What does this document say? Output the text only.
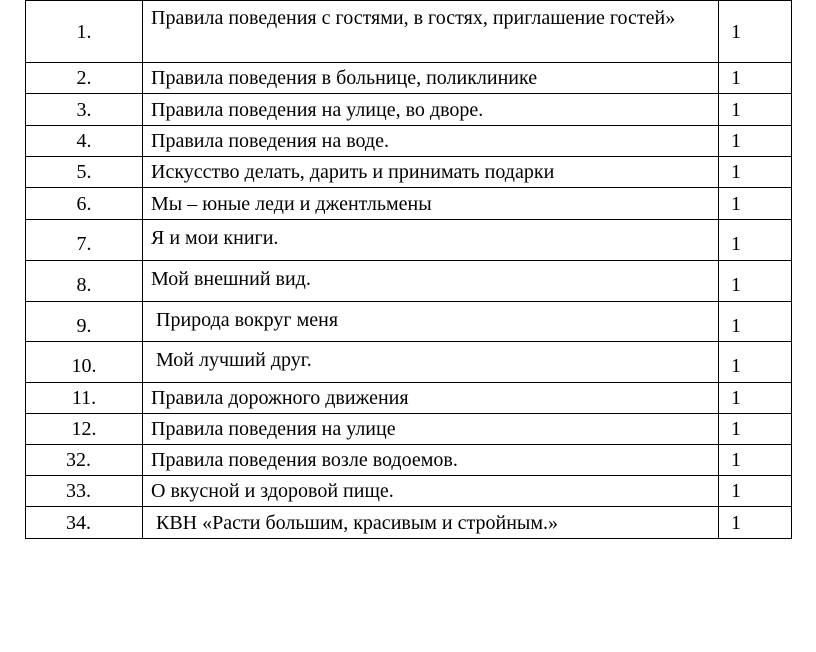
1.	Правила поведения с гостями, в гостях, приглашение гостей»	1
2.	Правила поведения в больнице, поликлинике	1
3.	Правила поведения на улице, во дворе.	1
4.	Правила поведения на воде.	1
5.	Искусство делать, дарить и принимать подарки	1
6.	Мы – юные леди и джентльмены	1
7.	Я и мои книги.	1
8.	Мой внешний вид.	1
9.	Природа вокруг меня	1
10.	Мой лучший друг.	1
11.	Правила дорожного движения	1
12.	Правила поведения на улице	1
32.	Правила поведения возле водоемов.	1
33.	О вкусной и здоровой пище.	1
34.	КВН «Расти большим, красивым и стройным.»	1
